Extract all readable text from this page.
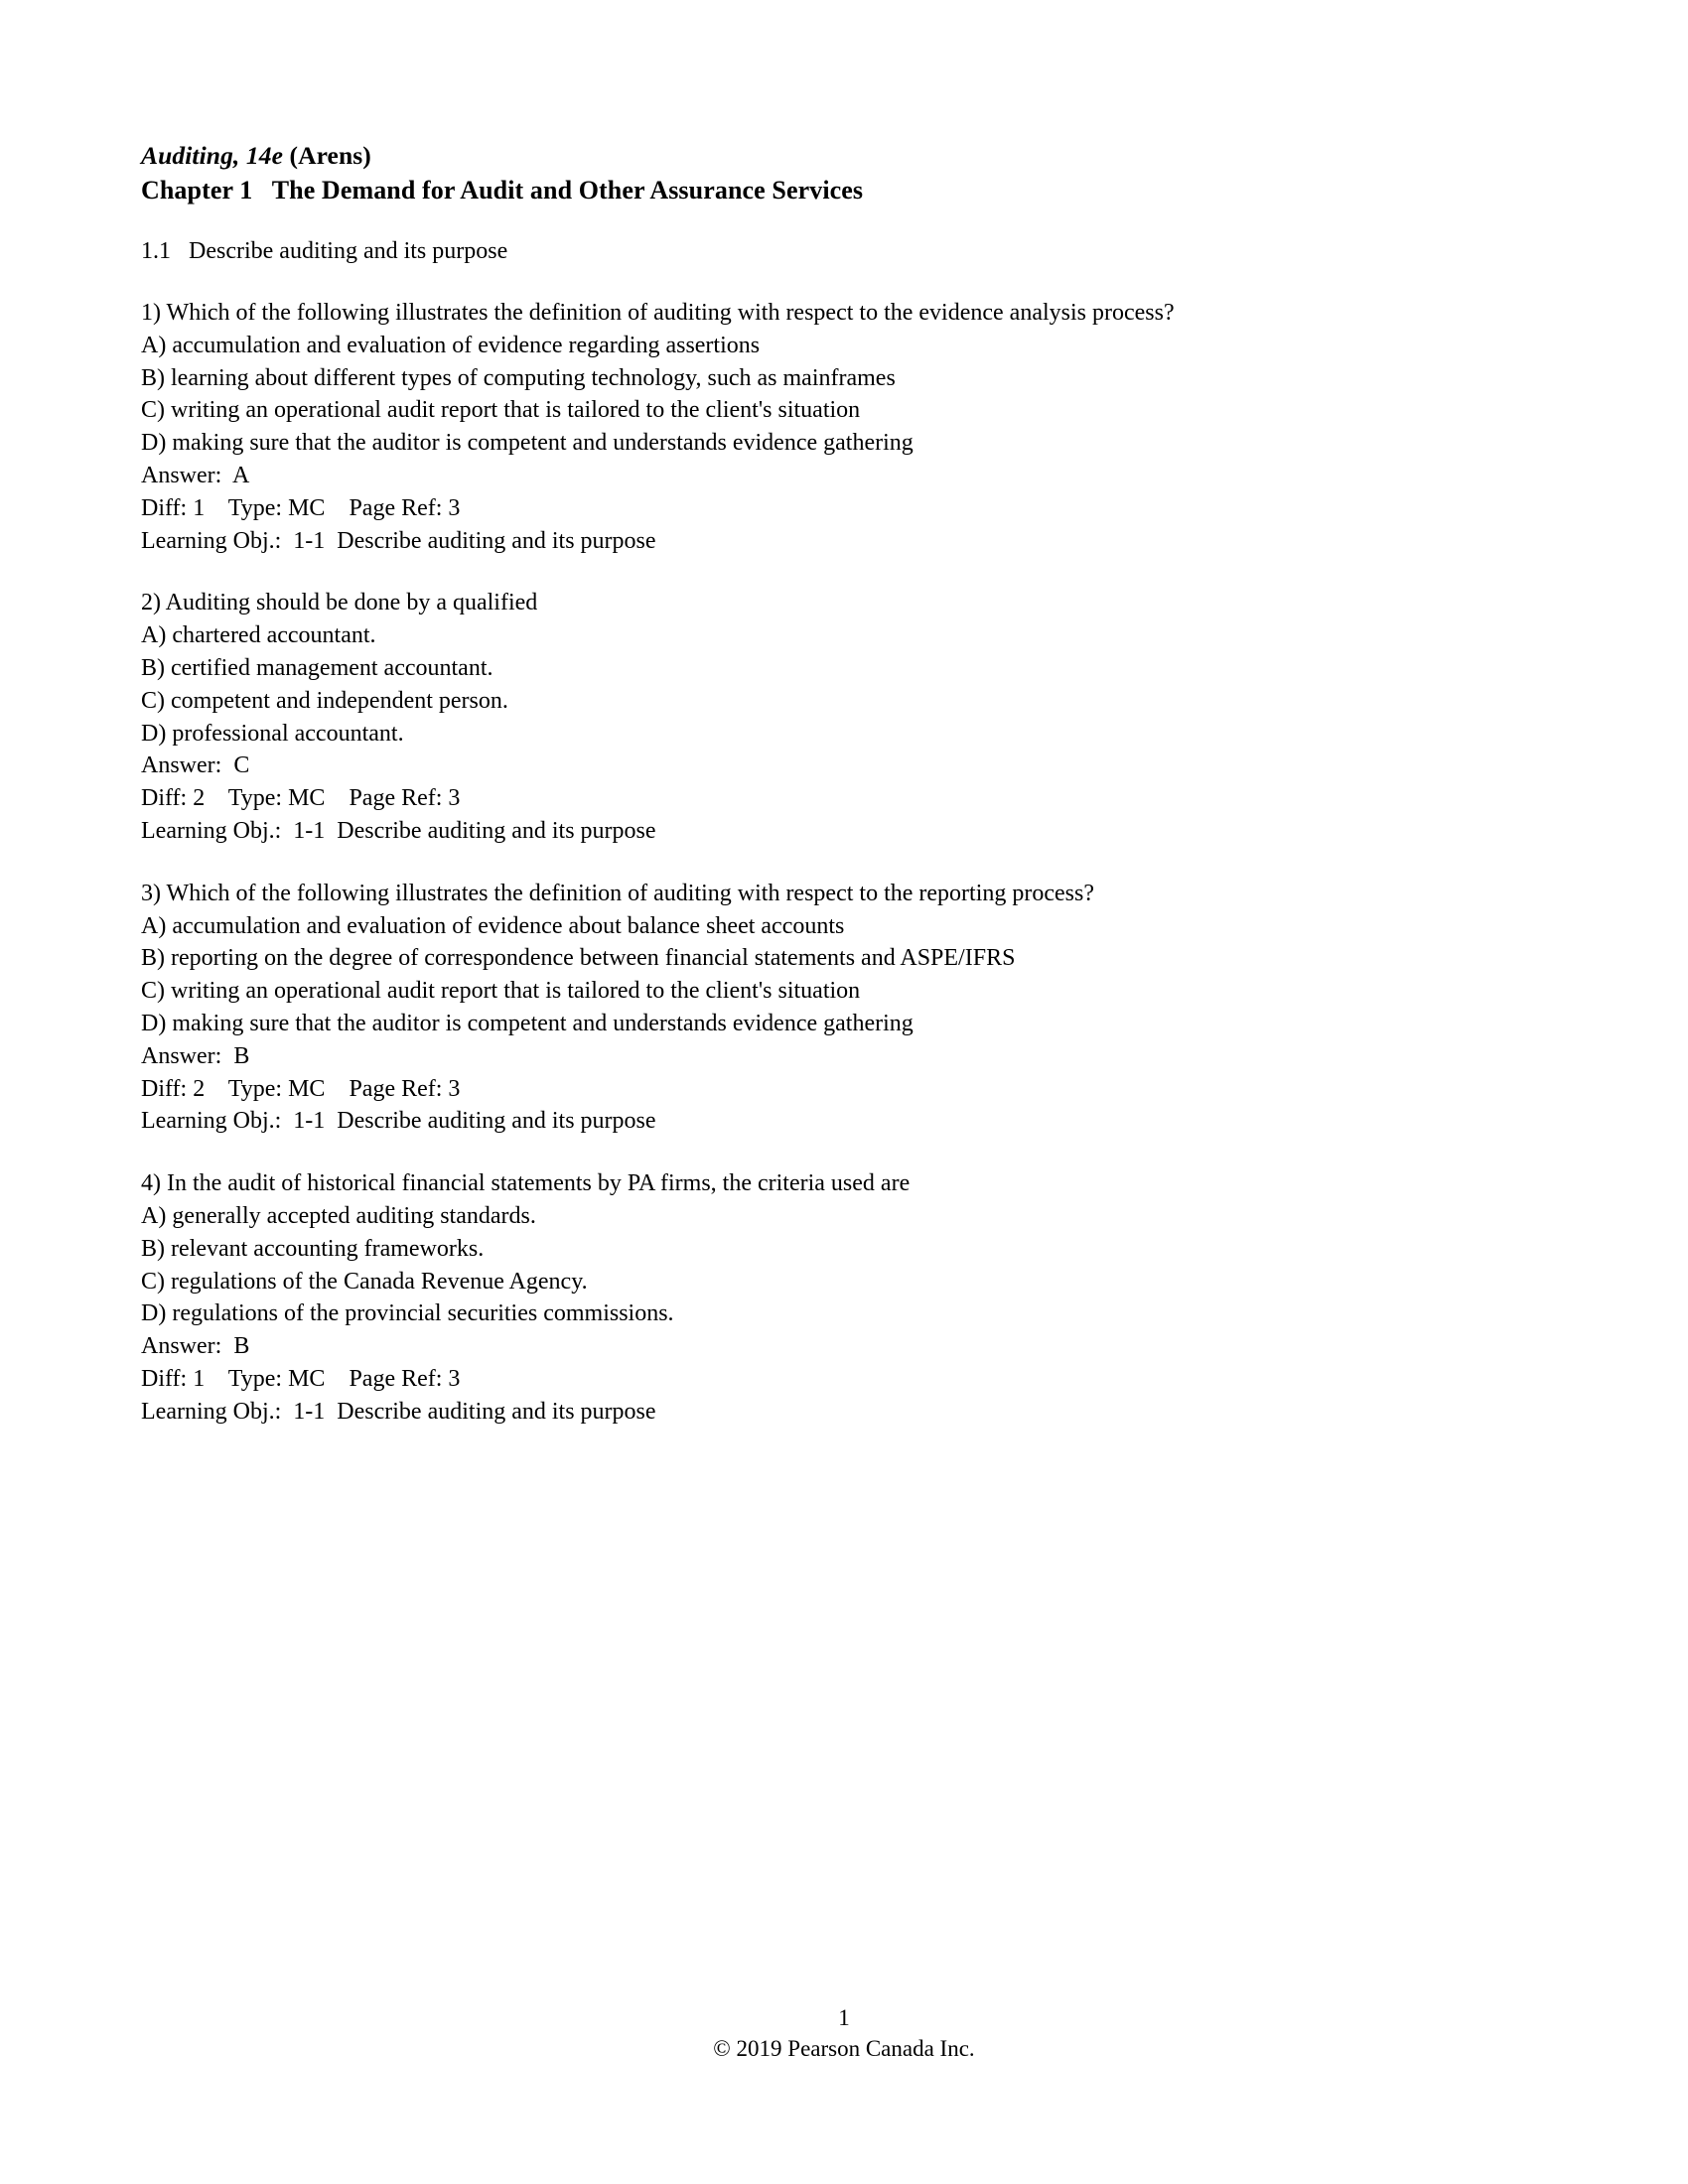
Auditing, 14e (Arens)
Chapter 1   The Demand for Audit and Other Assurance Services
1.1   Describe auditing and its purpose
1) Which of the following illustrates the definition of auditing with respect to the evidence analysis process?
A) accumulation and evaluation of evidence regarding assertions
B) learning about different types of computing technology, such as mainframes
C) writing an operational audit report that is tailored to the client's situation
D) making sure that the auditor is competent and understands evidence gathering
Answer:  A
Diff: 1    Type: MC    Page Ref: 3
Learning Obj.:  1-1  Describe auditing and its purpose
2) Auditing should be done by a qualified
A) chartered accountant.
B) certified management accountant.
C) competent and independent person.
D) professional accountant.
Answer:  C
Diff: 2    Type: MC    Page Ref: 3
Learning Obj.:  1-1  Describe auditing and its purpose
3) Which of the following illustrates the definition of auditing with respect to the reporting process?
A) accumulation and evaluation of evidence about balance sheet accounts
B) reporting on the degree of correspondence between financial statements and ASPE/IFRS
C) writing an operational audit report that is tailored to the client's situation
D) making sure that the auditor is competent and understands evidence gathering
Answer:  B
Diff: 2    Type: MC    Page Ref: 3
Learning Obj.:  1-1  Describe auditing and its purpose
4) In the audit of historical financial statements by PA firms, the criteria used are
A) generally accepted auditing standards.
B) relevant accounting frameworks.
C) regulations of the Canada Revenue Agency.
D) regulations of the provincial securities commissions.
Answer:  B
Diff: 1    Type: MC    Page Ref: 3
Learning Obj.:  1-1  Describe auditing and its purpose
1
© 2019 Pearson Canada Inc.
